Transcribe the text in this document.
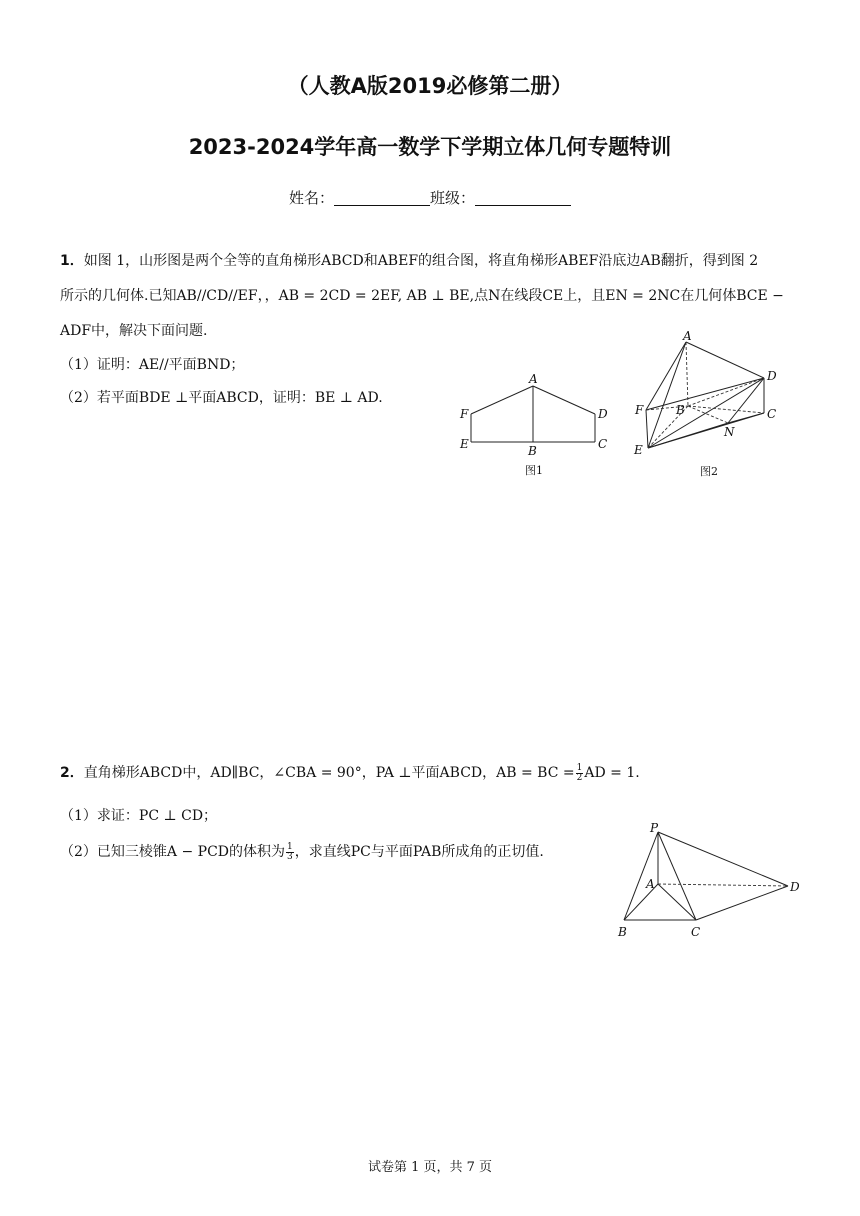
（人教A版2019必修第二册）
2023-2024学年高一数学下学期立体几何专题特训
姓名：	班级：
1．如图 1，山形图是两个全等的直角梯形ABCD和ABEF的组合图，将直角梯形ABEF沿底边AB翻折，得到图 2
所示的几何体.已知AB//CD//EF，，AB = 2CD = 2EF, AB ⊥ BE,点N在线段CE上，且EN = 2NC在几何体BCE −
ADF中，解决下面问题.
（1）证明：AE//平面BND；
（2）若平面BDE ⊥平面ABCD，证明：BE ⊥ AD.
A
F	D
E	B	C
图1
A
D
F	B	C
N
E
图2
2．直角梯形ABCD中，AD∥BC，∠CBA = 90°，PA ⊥平面ABCD，AB = BC = $\frac{1}{2}$ AD = 1.
（1）求证：PC ⊥ CD；
（2）已知三棱锥A − PCD的体积为 $\frac{1}{3}$ ，求直线PC与平面PAB所成角的正切值.
P
A	D
B	C
试卷第 1 页，共 7 页
